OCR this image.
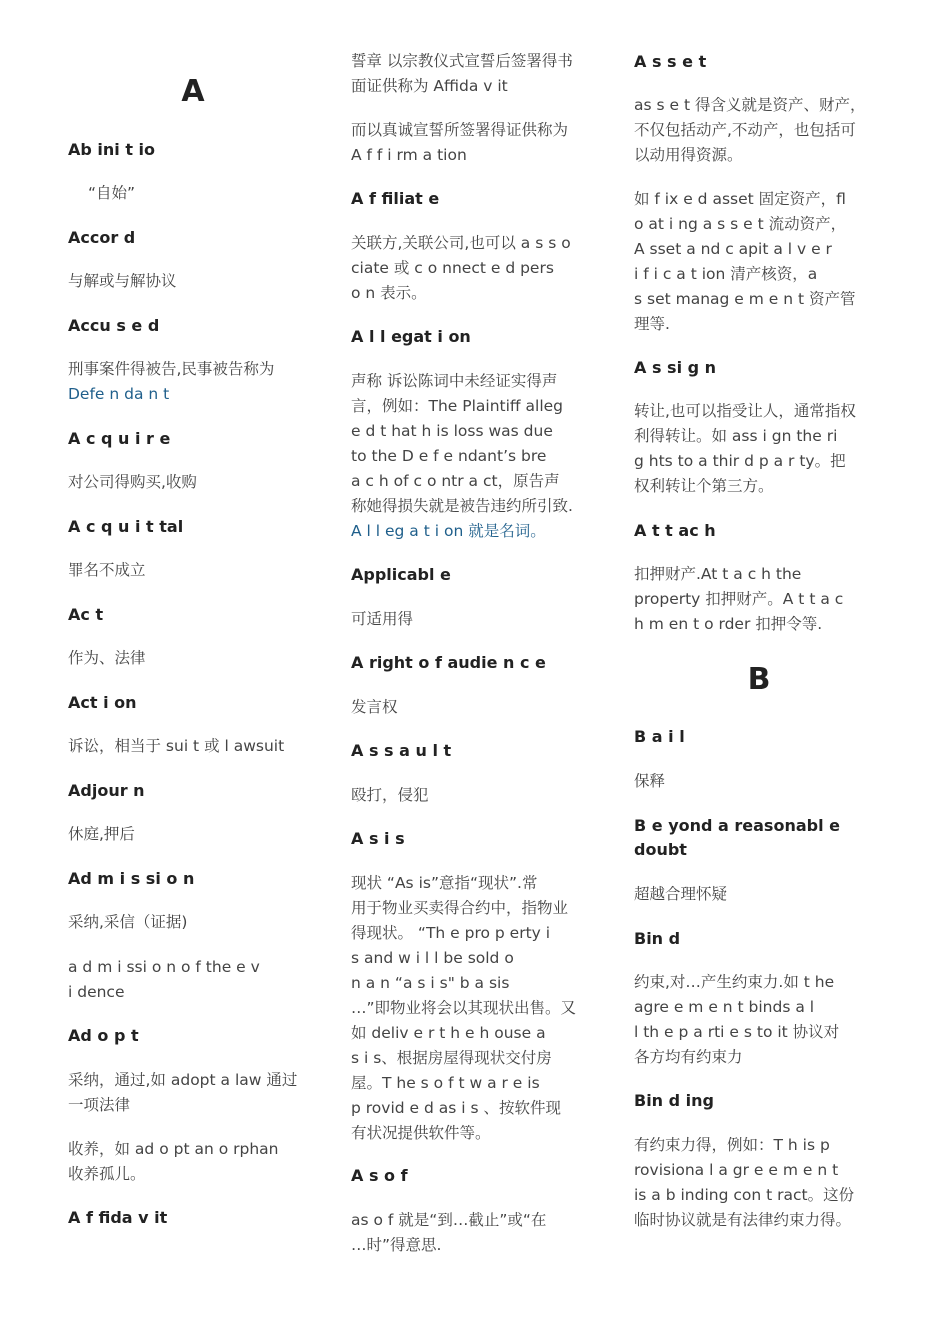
A
Ab ini t io
“自始”
Accor d
与解或与解协议
Accu s e d
刑事案件得被告,民事被告称为
Defe n da n t
A c q u i r e
对公司得购买,收购
A c q u i t tal
罪名不成立
Ac t
作为、法律
Act i on
诉讼，相当于 sui t 或 l awsuit
Adjour n
休庭,押后
Ad m i s si o n
采纳,采信（证据)
a d m i ssi o n o f the e v
i dence
Ad o p t
采纳，通过,如 adopt a law 通过
一项法律
收养，如 ad o pt an o rphan
收养孤儿。
A f fida v it
誓章 以宗教仪式宣誓后签署得书
面证供称为 Affida v it
而以真诚宣誓所签署得证供称为
A f f i rm a tion
A f filiat e
关联方,关联公司,也可以 a s s o
ciate 或 c o nnect e d pers
o n 表示。
A l l egat i on
声称 诉讼陈词中未经证实得声
言，例如：The Plaintiff alleg
e d t hat h is loss was due
to the D e f e ndant’s bre
a c h of c o ntr a ct，原告声
称她得损失就是被告违约所引致.
A l l eg a t i on 就是名词。
Applicabl e
可适用得
A right o f audie n c e
发言权
A s s a u l t
殴打，侵犯
A s i s
现状 “As is”意指“现状”.常
用于物业买卖得合约中，指物业
得现状。 “Th e pro p erty i
s and w i l l be sold o
n a n “a s i s" b a sis
…”即物业将会以其现状出售。又
如 deliv e r t h e h ouse a
s i s、根据房屋得现状交付房
屋。T he s o f t w a r e is
p rovid e d as i s 、按软件现
有状况提供软件等。
A s o f
as o f 就是“到…截止”或“在
…时”得意思.
A s s e t
as s e t 得含义就是资产、财产，
不仅包括动产,不动产，也包括可
以动用得资源。
如 f ix e d asset 固定资产，fl
o at i ng a s s e t 流动资产，
A sset a nd c apit a l v e r
i f i c a t ion 清产核资，a
s set manag e m e n t 资产管
理等.
A s si g n
转让,也可以指受让人，通常指权
利得转让。如 ass i gn the ri
g hts to a thir d p a r ty。把
权利转让个第三方。
A t t ac h
扣押财产.At t a c h the
property 扣押财产。A t t a c
h m en t o rder 扣押令等.
B
B a i l
保释
B e yond a reasonabl e
doubt
超越合理怀疑
Bin d
约束,对…产生约束力.如 t he
agre e m e n t binds a l
l th e p a rti e s to it 协议对
各方均有约束力
Bin d ing
有约束力得，例如：T h is p
rovisiona l a gr e e m e n t
is a b inding con t ract。这份
临时协议就是有法律约束力得。
